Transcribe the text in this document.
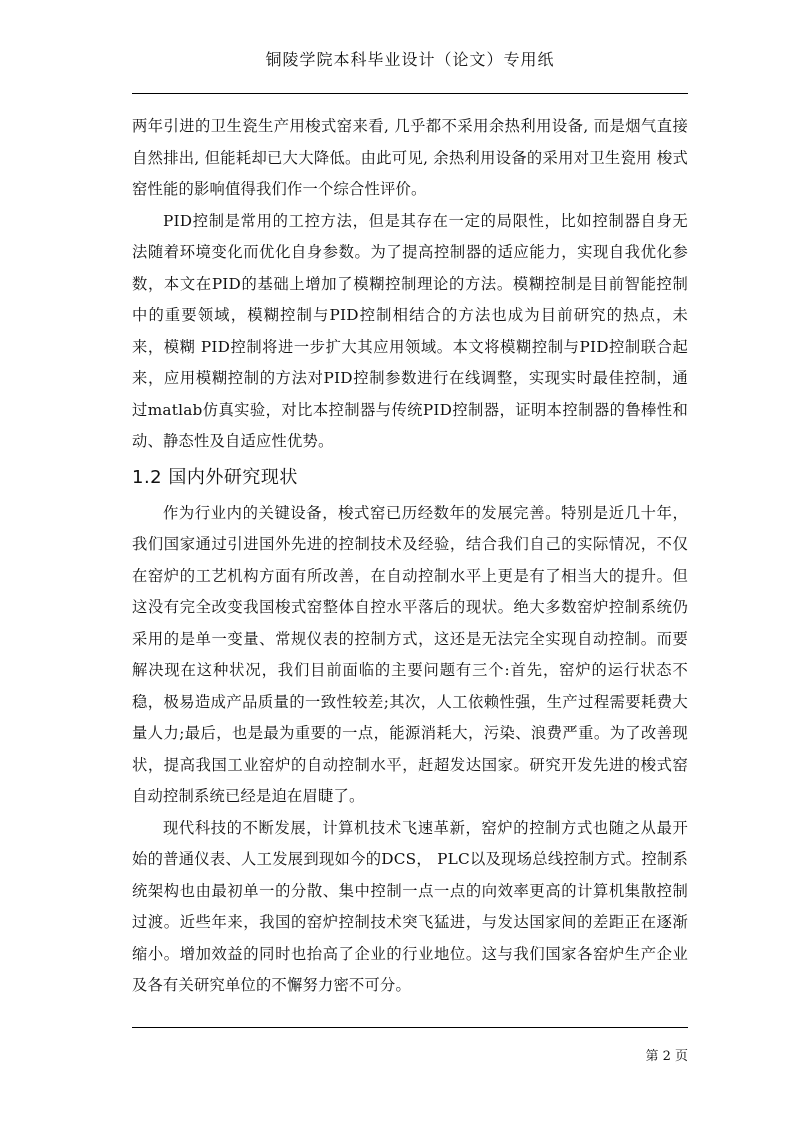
铜陵学院本科毕业设计（论文）专用纸

两年引进的卫生瓷生产用梭式窑来看, 几乎都不采用余热利用设备, 而是烟气直接自然排出, 但能耗却已大大降低。由此可见, 余热利用设备的采用对卫生瓷用 梭式窑性能的影响值得我们作一个综合性评价。

PID控制是常用的工控方法，但是其存在一定的局限性，比如控制器自身无法随着环境变化而优化自身参数。为了提高控制器的适应能力，实现自我优化参数，本文在PID的基础上增加了模糊控制理论的方法。模糊控制是目前智能控制中的重要领域，模糊控制与PID控制相结合的方法也成为目前研究的热点，未来，模糊 PID控制将进一步扩大其应用领域。本文将模糊控制与PID控制联合起来，应用模糊控制的方法对PID控制参数进行在线调整，实现实时最佳控制，通过matlab仿真实验，对比本控制器与传统PID控制器，证明本控制器的鲁棒性和动、静态性及自适应性优势。

1.2 国内外研究现状

作为行业内的关键设备，梭式窑已历经数年的发展完善。特别是近几十年，我们国家通过引进国外先进的控制技术及经验，结合我们自己的实际情况，不仅在窑炉的工艺机构方面有所改善，在自动控制水平上更是有了相当大的提升。但这没有完全改变我国梭式窑整体自控水平落后的现状。绝大多数窑炉控制系统仍采用的是单一变量、常规仪表的控制方式，这还是无法完全实现自动控制。而要解决现在这种状况，我们目前面临的主要问题有三个:首先，窑炉的运行状态不稳，极易造成产品质量的一致性较差;其次，人工依赖性强，生产过程需要耗费大量人力;最后，也是最为重要的一点，能源消耗大，污染、浪费严重。为了改善现状，提高我国工业窑炉的自动控制水平，赶超发达国家。研究开发先进的梭式窑自动控制系统已经是迫在眉睫了。

现代科技的不断发展，计算机技术飞速革新，窑炉的控制方式也随之从最开始的普通仪表、人工发展到现如今的DCS， PLC以及现场总线控制方式。控制系统架构也由最初单一的分散、集中控制一点一点的向效率更高的计算机集散控制过渡。近些年来，我国的窑炉控制技术突飞猛进，与发达国家间的差距正在逐渐缩小。增加效益的同时也抬高了企业的行业地位。这与我们国家各窑炉生产企业及各有关研究单位的不懈努力密不可分。

第 2 页
